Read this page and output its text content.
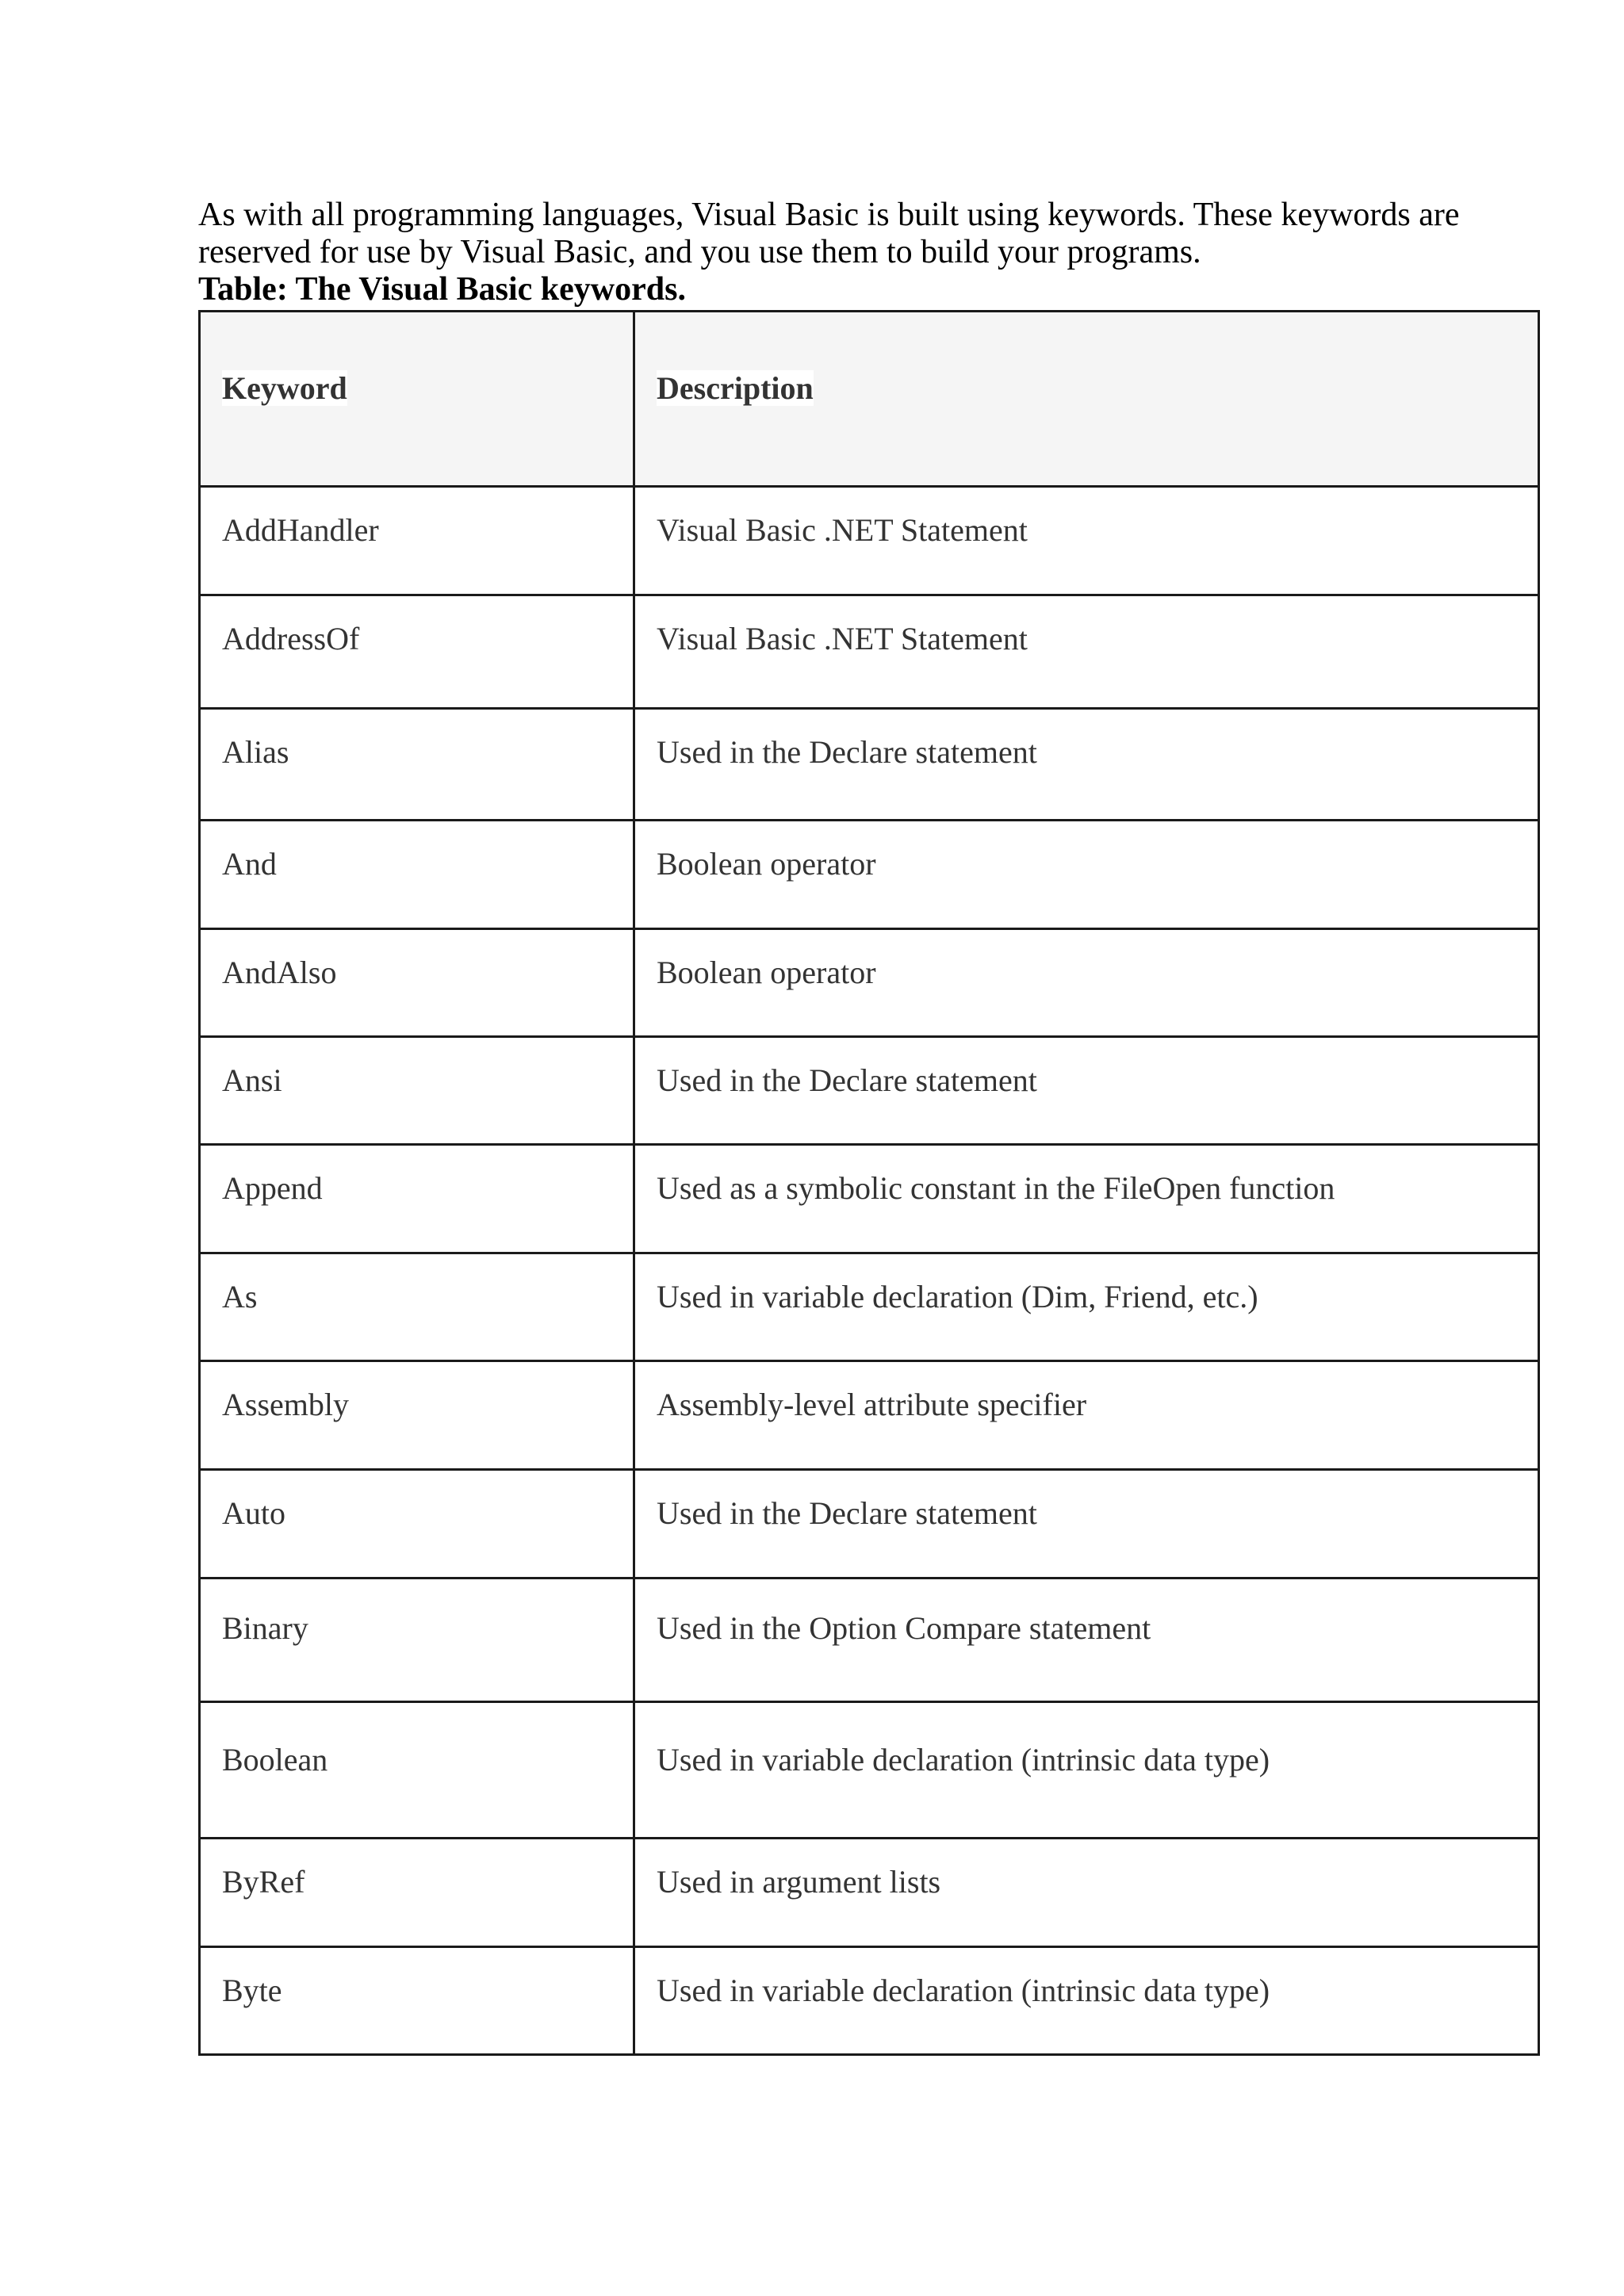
As with all programming languages, Visual Basic is built using keywords. These keywords are reserved for use by Visual Basic, and you use them to build your programs.

Table: The Visual Basic keywords.

Keyword	Description
AddHandler	Visual Basic .NET Statement
AddressOf	Visual Basic .NET Statement
Alias	Used in the Declare statement
And	Boolean operator
AndAlso	Boolean operator
Ansi	Used in the Declare statement
Append	Used as a symbolic constant in the FileOpen function
As	Used in variable declaration (Dim, Friend, etc.)
Assembly	Assembly-level attribute specifier
Auto	Used in the Declare statement
Binary	Used in the Option Compare statement
Boolean	Used in variable declaration (intrinsic data type)
ByRef	Used in argument lists
Byte	Used in variable declaration (intrinsic data type)
